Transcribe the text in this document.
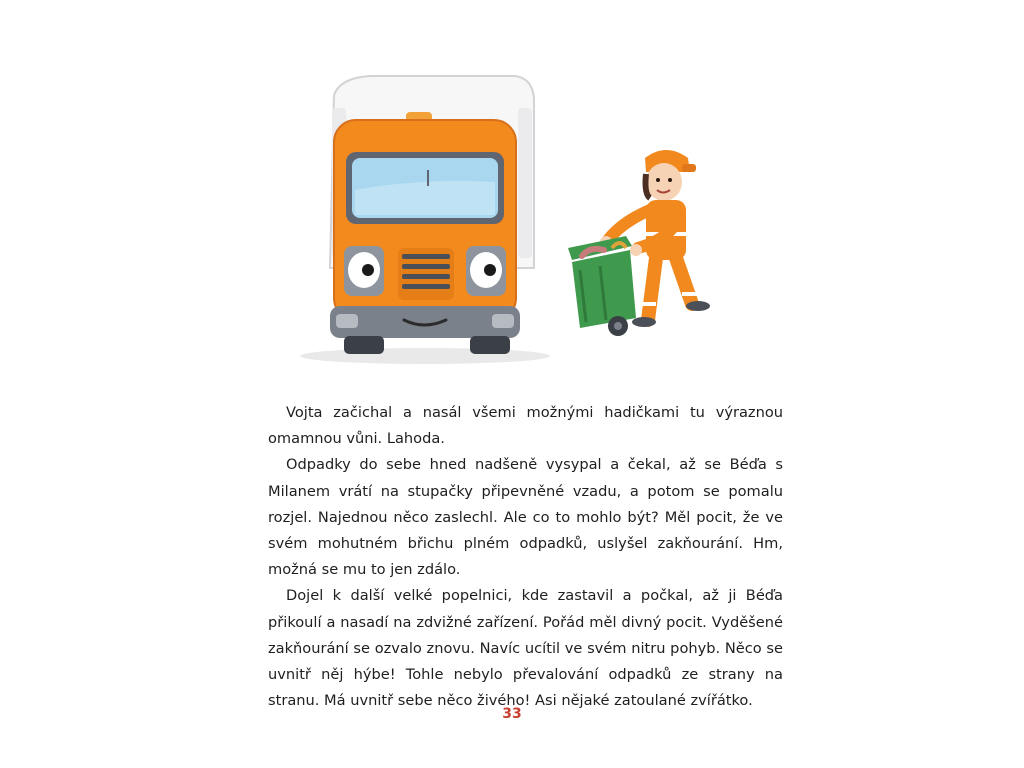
Vojta začichal a nasál všemi možnými hadičkami tu výraznou omamnou vůni. Lahoda.

Odpadky do sebe hned nadšeně vysypal a čekal, až se Béďa s Milanem vrátí na stupačky připevněné vzadu, a potom se pomalu rozjel. Najednou něco zaslechl. Ale co to mohlo být? Měl pocit, že ve svém mohutném břichu plném odpadků, uslyšel zakňourání. Hm, možná se mu to jen zdálo.

Dojel k další velké popelnici, kde zastavil a počkal, až ji Béďa přikoulí a nasadí na zdvižné zařízení. Pořád měl divný pocit. Vyděšené zakňourání se ozvalo znovu. Navíc ucítil ve svém nitru pohyb. Něco se uvnitř něj hýbe! Tohle nebylo převalování odpadků ze strany na stranu. Má uvnitř sebe něco živého! Asi nějaké zatoulané zvířátko.

33
